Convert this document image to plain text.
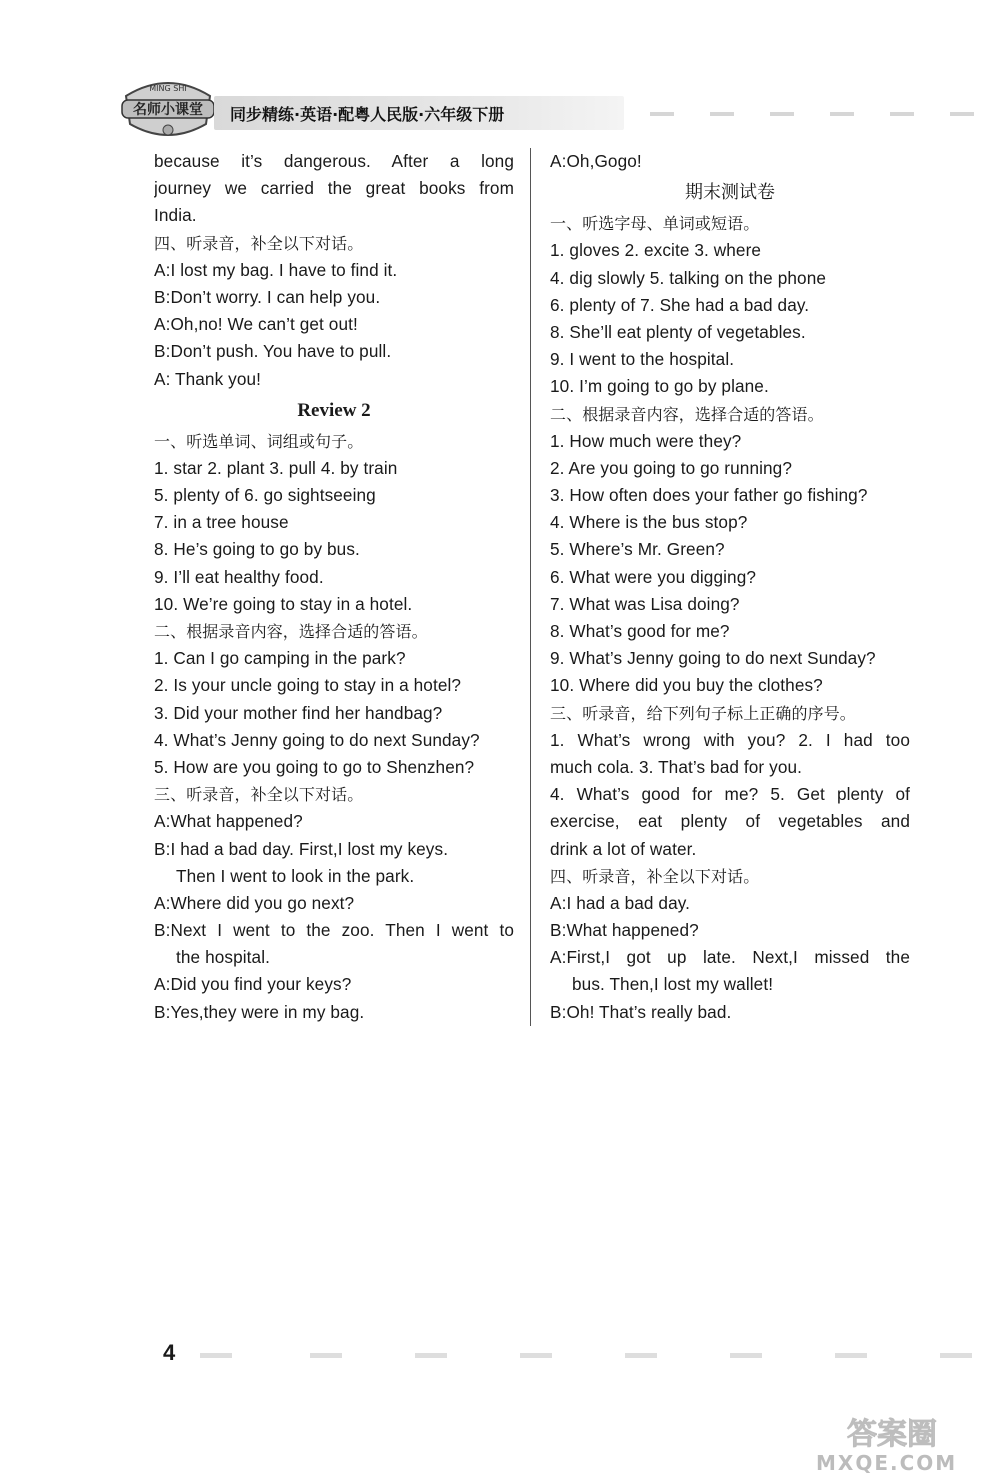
MING SHI
名师小课堂 同步精练·英语·配粤人民版·六年级下册
because it’s dangerous. After a long
journey we carried the great books from
India.
四、听录音，补全以下对话。
A:I lost my bag. I have to find it.
B:Don’t worry. I can help you.
A:Oh,no! We can’t get out!
B:Don’t push. You have to pull.
A: Thank you!
Review 2
一、听选单词、词组或句子。
1. star 2. plant 3. pull 4. by train
5. plenty of 6. go sightseeing
7. in a tree house
8. He’s going to go by bus.
9. I’ll eat healthy food.
10. We’re going to stay in a hotel.
二、根据录音内容，选择合适的答语。
1. Can I go camping in the park?
2. Is your uncle going to stay in a hotel?
3. Did your mother find her handbag?
4. What’s Jenny going to do next Sunday?
5. How are you going to go to Shenzhen?
三、听录音，补全以下对话。
A:What happened?
B:I had a bad day. First,I lost my keys.
Then I went to look in the park.
A:Where did you go next?
B:Next I went to the zoo. Then I went to
the hospital.
A:Did you find your keys?
B:Yes,they were in my bag.
A:Oh,Gogo!
期末测试卷
一、听选字母、单词或短语。
1. gloves 2. excite 3. where
4. dig slowly 5. talking on the phone
6. plenty of 7. She had a bad day.
8. She’ll eat plenty of vegetables.
9. I went to the hospital.
10. I’m going to go by plane.
二、根据录音内容，选择合适的答语。
1. How much were they?
2. Are you going to go running?
3. How often does your father go fishing?
4. Where is the bus stop?
5. Where’s Mr. Green?
6. What were you digging?
7. What was Lisa doing?
8. What’s good for me?
9. What’s Jenny going to do next Sunday?
10. Where did you buy the clothes?
三、听录音，给下列句子标上正确的序号。
1. What’s wrong with you? 2. I had too
much cola. 3. That’s bad for you.
4. What’s good for me? 5. Get plenty of
exercise, eat plenty of vegetables and
drink a lot of water.
四、听录音，补全以下对话。
A:I had a bad day.
B:What happened?
A:First,I got up late. Next,I missed the
bus. Then,I lost my wallet!
B:Oh! That’s really bad.
4
答案圈
MXQE.COM
